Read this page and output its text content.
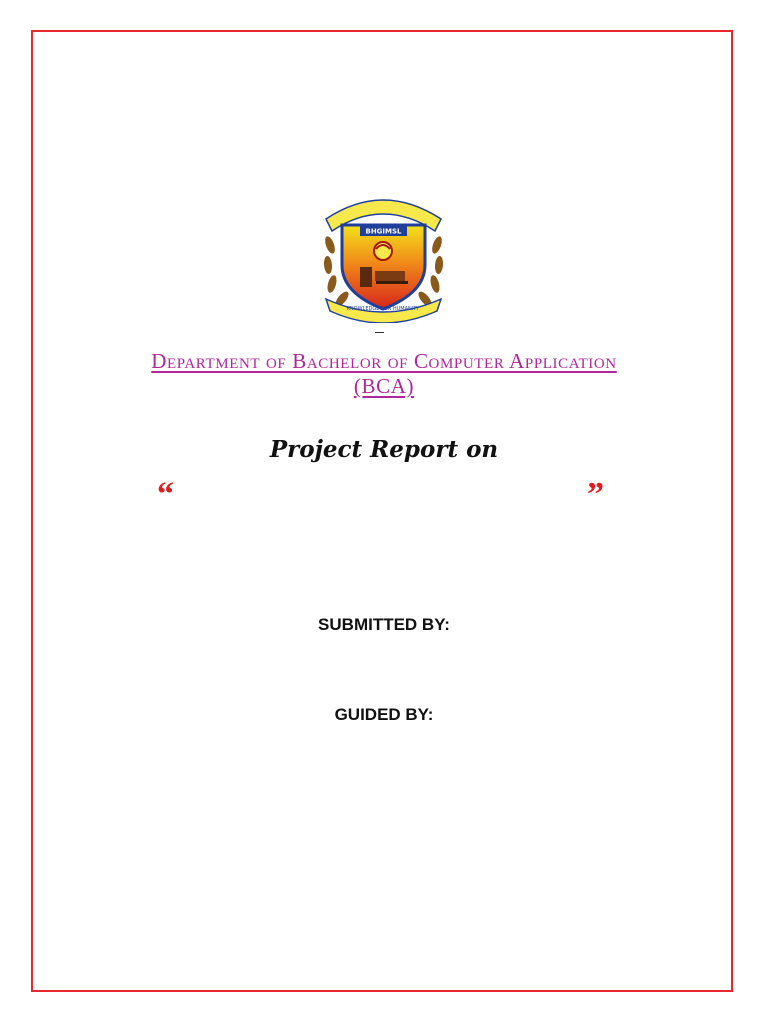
BHGIMSL
KNOWLEDGE FOR HUMANITY
Department of Bachelor of Computer Application
(BCA)
Project Report on
“	”
SUBMITTED BY:
GUIDED BY:
